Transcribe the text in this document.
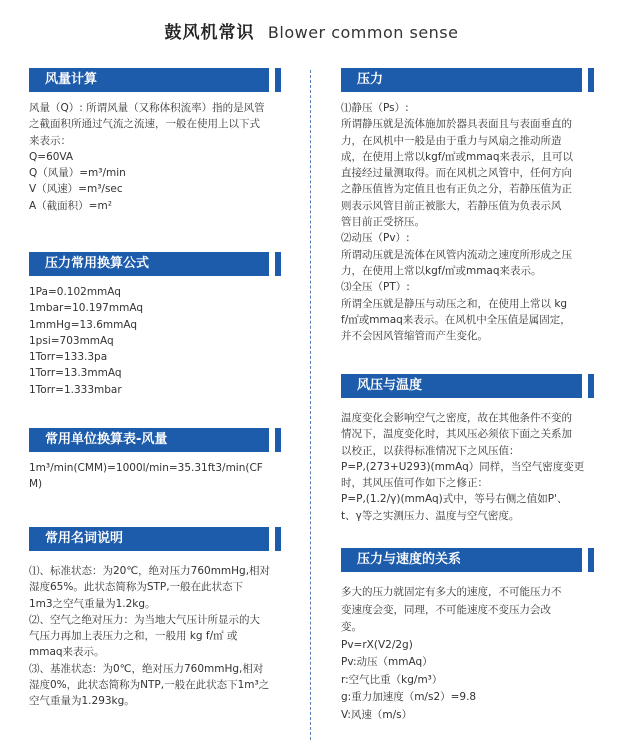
鼓风机常识 Blower common sense
风量计算
风量（Q）: 所谓风量（又称体积流率）指的是风管
之截面积所通过气流之流速，一般在使用上以下式
来表示：
Q=60VA
Q（风量）=m³/min
V（风速）=m³/sec
A（截面积）=m²
压力常用换算公式
1Pa=0.102mmAq
1mbar=10.197mmAq
1mmHg=13.6mmAq
1psi=703mmAq
1Torr=133.3pa
1Torr=13.3mmAq
1Torr=1.333mbar
常用单位换算表-风量
1m³/min(CMM)=1000l/min=35.31ft3/min(CF
M)
常用名词说明
⑴、标准状态：为20℃，绝对压力760mmHg,相对
湿度65%。此状态简称为STP,一般在此状态下
1m3之空气重量为1.2kg。
⑵、空气之绝对压力：为当地大气压计所显示的大
气压力再加上表压力之和，一般用 kg f/㎡ 或
mmaq来表示。
⑶、基准状态：为0℃，绝对压力760mmHg,相对
湿度0%，此状态简称为NTP,一般在此状态下1m³之
空气重量为1.293kg。
压力
⑴静压（Ps）:
所谓静压就是流体施加於器具表面且与表面垂直的
力，在风机中一般是由于重力与风扇之推动所造
成，在使用上常以kgf/㎡或mmaq来表示，且可以
直接经过量测取得。而在风机之风管中，任何方向
之静压值皆为定值且也有正负之分，若静压值为正
则表示风管目前正被胀大，若静压值为负表示风
管目前正受挤压。
⑵动压（Pv）:
所谓动压就是流体在风管内流动之速度所形成之压
力，在使用上常以kgf/㎡或mmaq来表示。
⑶全压（PT）:
所谓全压就是静压与动压之和，在使用上常以 kg
f/㎡或mmaq来表示。在风机中全压值是属固定，
并不会因风管缩管而产生变化。
风压与温度
温度变化会影响空气之密度，故在其他条件不变的
情况下，温度变化时，其风压必须依下面之关系加
以校正，以获得标准情况下之风压值：
P=P,(273+U293)(mmAq）同样，当空气密度变更
时，其风压值可作如下之修正：
P=P,(1.2/γ)(mmAq)式中，等号右侧之值如P'、
t、γ等之实测压力、温度与空气密度。
压力与速度的关系
多大的压力就固定有多大的速度，不可能压力不
变速度会变，同理，不可能速度不变压力会改
变。
Pv=rX(V2/2g)
Pv:动压（mmAq）
r:空气比重（kg/m³）
g:重力加速度（m/s2）=9.8
V:风速（m/s）
